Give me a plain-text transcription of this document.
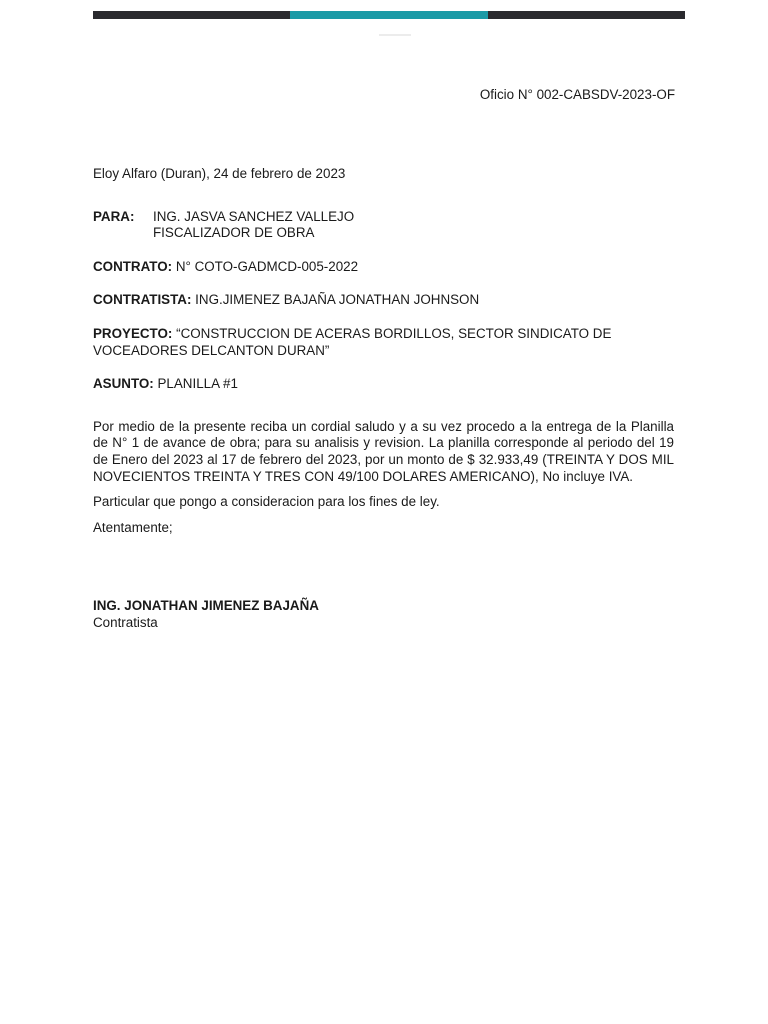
Oficio N° 002-CABSDV-2023-OF

Eloy Alfaro (Duran), 24 de febrero de 2023

PARA:	ING. JASVA SANCHEZ VALLEJO
FISCALIZADOR DE OBRA

CONTRATO: N° COTO-GADMCD-005-2022

CONTRATISTA: ING.JIMENEZ BAJAÑA JONATHAN JOHNSON

PROYECTO: “CONSTRUCCION DE ACERAS BORDILLOS, SECTOR SINDICATO DE VOCEADORES DELCANTON DURAN”

ASUNTO: PLANILLA #1

Por medio de la presente reciba un cordial saludo y a su vez procedo a la entrega de la Planilla de N° 1 de avance de obra; para su analisis y revision. La planilla corresponde al periodo del 19 de Enero del 2023 al 17 de febrero del 2023, por un monto de $ 32.933,49 (TREINTA Y DOS MIL NOVECIENTOS TREINTA Y TRES CON 49/100 DOLARES AMERICANO), No incluye IVA.

Particular que pongo a consideracion para los fines de ley.

Atentamente;

ING. JONATHAN JIMENEZ BAJAÑA

Contratista
